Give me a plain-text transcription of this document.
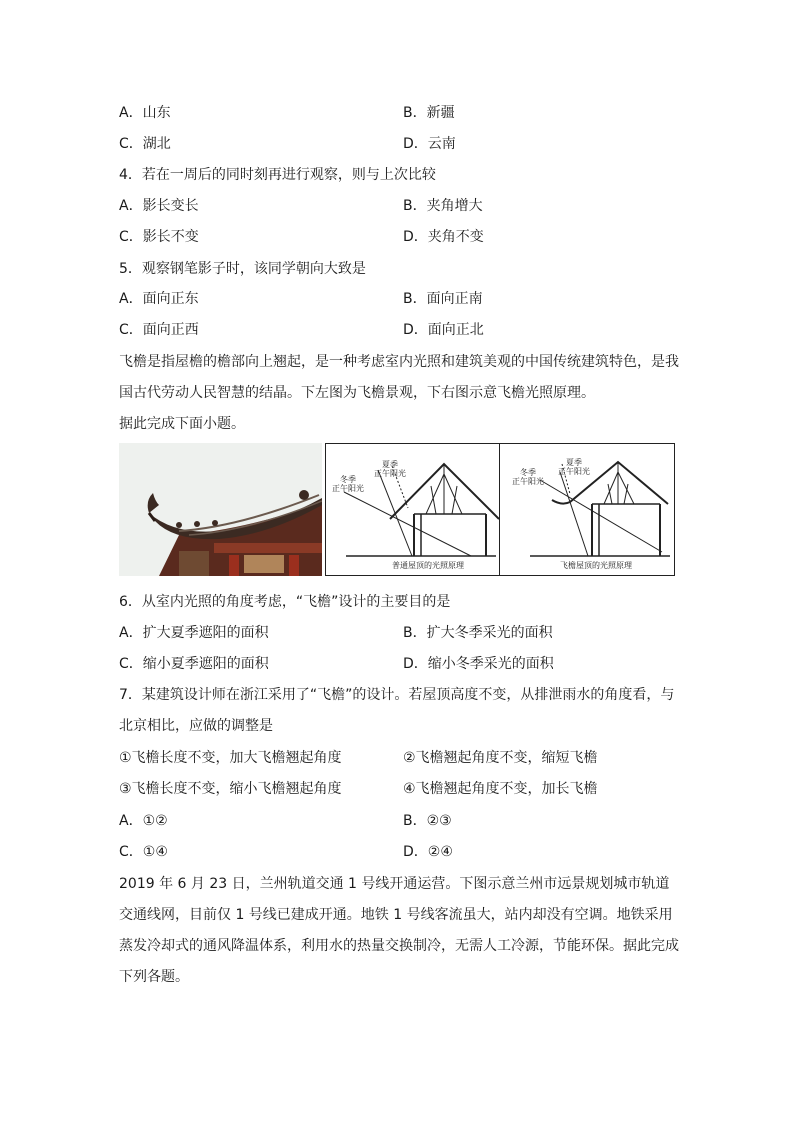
A．山东	B．新疆
C．湖北	D．云南
4．若在一周后的同时刻再进行观察，则与上次比较
A．影长变长	B．夹角增大
C．影长不变	D．夹角不变
5．观察钢笔影子时，该同学朝向大致是
A．面向正东	B．面向正南
C．面向正西	D．面向正北
飞檐是指屋檐的檐部向上翘起，是一种考虑室内光照和建筑美观的中国传统建筑特色，是我国古代劳动人民智慧的结晶。下左图为飞檐景观，下右图示意飞檐光照原理。
据此完成下面小题。
夏季
正午阳光
冬季
正午阳光
普通屋顶的光照原理
夏季
正午阳光
冬季
正午阳光
飞檐屋顶的光照原理
6．从室内光照的角度考虑，“飞檐”设计的主要目的是
A．扩大夏季遮阳的面积	B．扩大冬季采光的面积
C．缩小夏季遮阳的面积	D．缩小冬季采光的面积
7．某建筑设计师在浙江采用了“飞檐”的设计。若屋顶高度不变，从排泄雨水的角度看，与北京相比，应做的调整是
①飞檐长度不变，加大飞檐翘起角度	②飞檐翘起角度不变，缩短飞檐
③飞檐长度不变，缩小飞檐翘起角度	④飞檐翘起角度不变，加长飞檐
A．①②	B．②③
C．①④	D．②④
2019 年 6 月 23 日，兰州轨道交通 1 号线开通运营。下图示意兰州市远景规划城市轨道交通线网，目前仅 1 号线已建成开通。地铁 1 号线客流虽大，站内却没有空调。地铁采用蒸发冷却式的通风降温体系，利用水的热量交换制冷，无需人工冷源，节能环保。据此完成下列各题。
